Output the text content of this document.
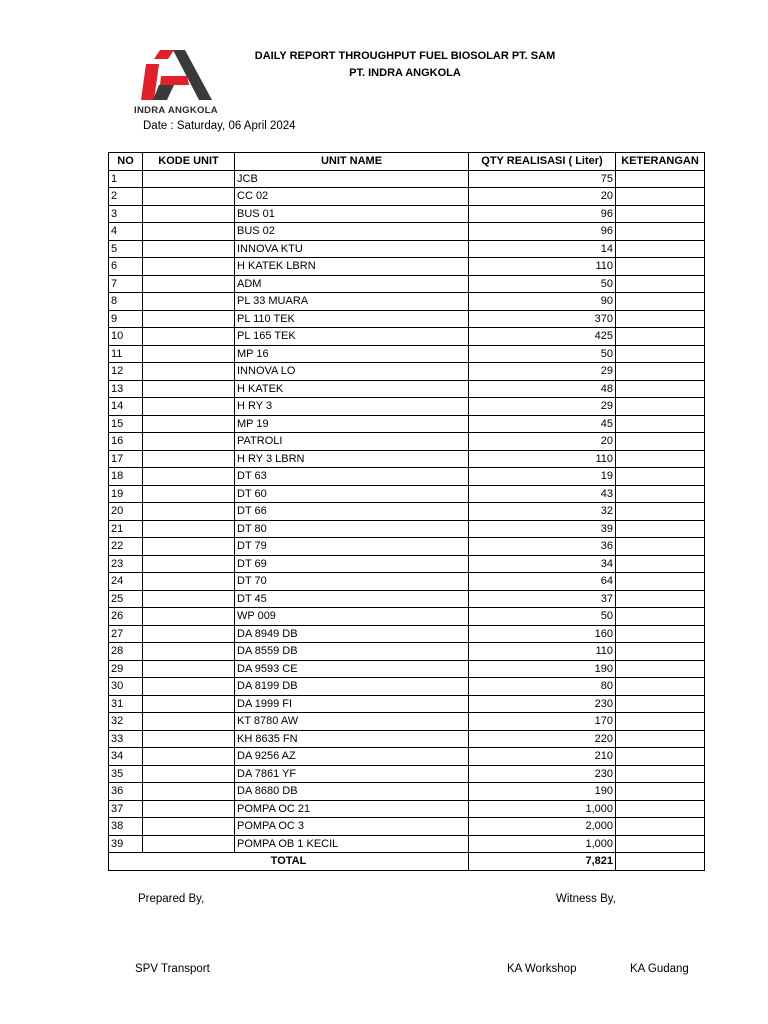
INDRA ANGKOLA
DAILY REPORT THROUGHPUT FUEL BIOSOLAR PT. SAM
PT. INDRA ANGKOLA
Date : Saturday, 06 April 2024
NO	KODE UNIT	UNIT NAME	QTY REALISASI ( Liter)	KETERANGAN
1		JCB	75	
2		CC 02	20	
3		BUS 01	96	
4		BUS 02	96	
5		INNOVA KTU	14	
6		H KATEK LBRN	110	
7		ADM	50	
8		PL 33 MUARA	90	
9		PL 110 TEK	370	
10		PL 165 TEK	425	
11		MP 16	50	
12		INNOVA LO	29	
13		H KATEK	48	
14		H RY 3	29	
15		MP 19	45	
16		PATROLI	20	
17		H RY 3 LBRN	110	
18		DT 63	19	
19		DT 60	43	
20		DT 66	32	
21		DT 80	39	
22		DT 79	36	
23		DT 69	34	
24		DT 70	64	
25		DT 45	37	
26		WP 009	50	
27		DA 8949 DB	160	
28		DA 8559 DB	110	
29		DA 9593 CE	190	
30		DA 8199 DB	80	
31		DA 1999 FI	230	
32		KT 8780 AW	170	
33		KH 8635 FN	220	
34		DA 9256 AZ	210	
35		DA 7861 YF	230	
36		DA 8680 DB	190	
37		POMPA OC 21	1,000	
38		POMPA OC 3	2,000	
39		POMPA OB 1 KECIL	1,000	
TOTAL			7,821	
Prepared By,	Witness By,
SPV Transport	KA Workshop	KA Gudang
